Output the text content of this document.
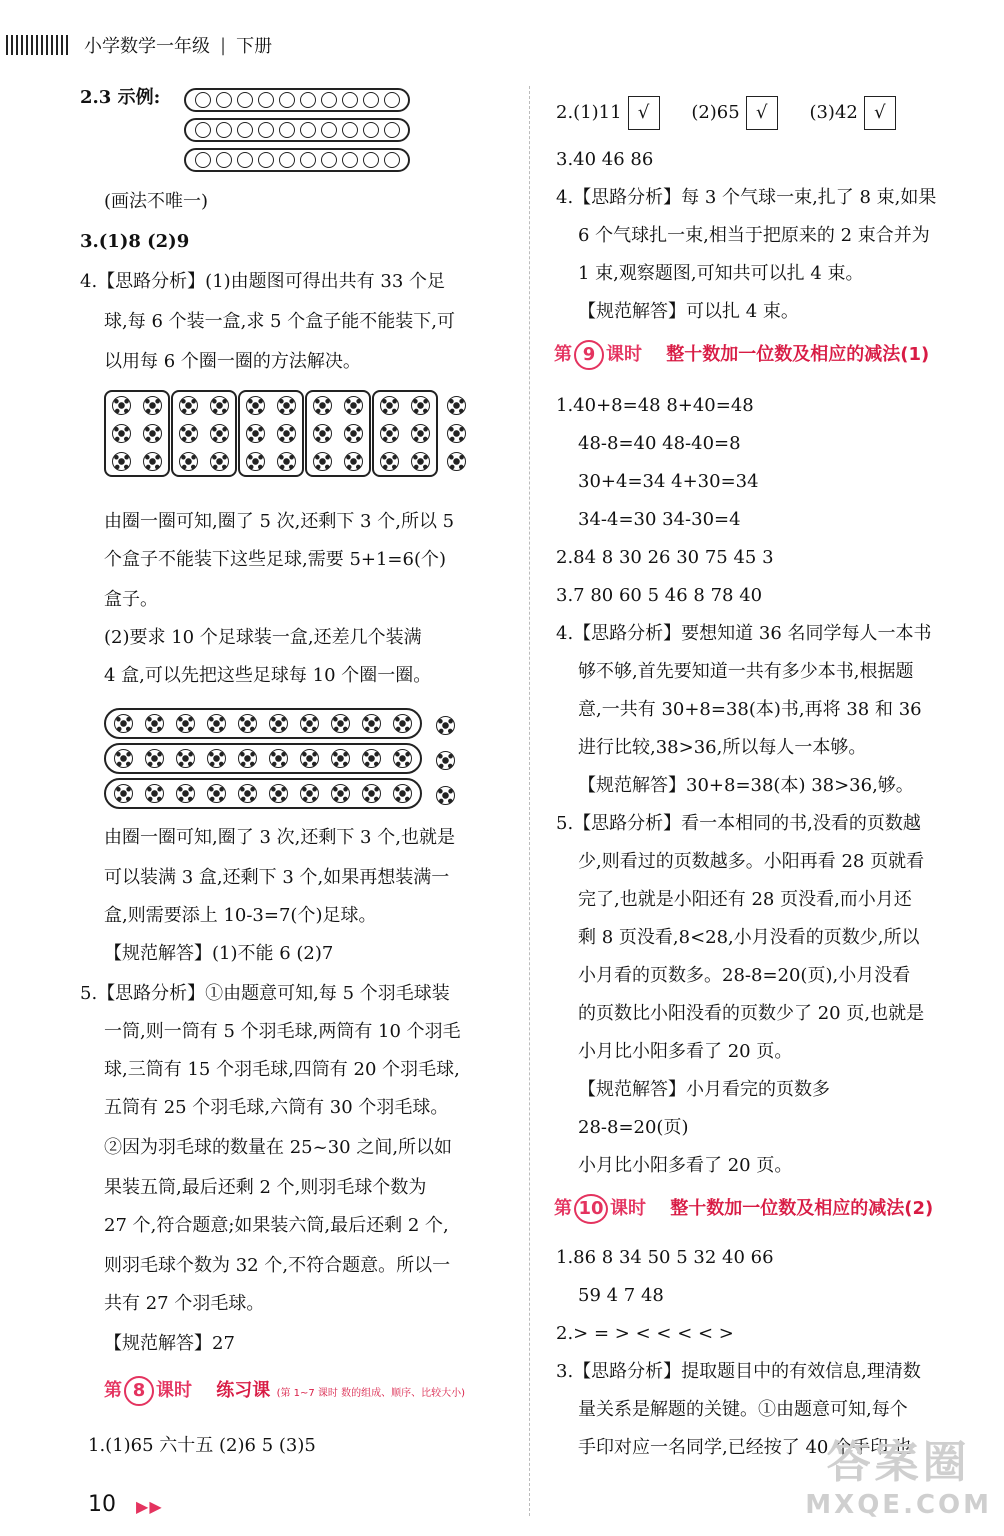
小学数学一年级 | 下册
2.3 示例:
(画法不唯一)
3.(1)8 (2)9
4.【思路分析】(1)由题图可得出共有 33 个足
球,每 6 个装一盒,求 5 个盒子能不能装下,可
以用每 6 个圈一圈的方法解决。
由圈一圈可知,圈了 5 次,还剩下 3 个,所以 5
个盒子不能装下这些足球,需要 5+1=6(个)
盒子。
(2)要求 10 个足球装一盒,还差几个装满
4 盒,可以先把这些足球每 10 个圈一圈。
由圈一圈可知,圈了 3 次,还剩下 3 个,也就是
可以装满 3 盒,还剩下 3 个,如果再想装满一
盒,则需要添上 10-3=7(个)足球。
【规范解答】(1)不能 6 (2)7
5.【思路分析】①由题意可知,每 5 个羽毛球装
一筒,则一筒有 5 个羽毛球,两筒有 10 个羽毛
球,三筒有 15 个羽毛球,四筒有 20 个羽毛球,
五筒有 25 个羽毛球,六筒有 30 个羽毛球。
②因为羽毛球的数量在 25~30 之间,所以如
果装五筒,最后还剩 2 个,则羽毛球个数为
27 个,符合题意;如果装六筒,最后还剩 2 个,
则羽毛球个数为 32 个,不符合题意。所以一
共有 27 个羽毛球。
【规范解答】27
第 8 课时 练习课 (第 1~7 课时 数的组成、顺序、比较大小)
1.(1)65 六十五 (2)6 5 (3)5
2.(1)11 √ (2)65 √ (3)42 √
3.40 46 86
4.【思路分析】每 3 个气球一束,扎了 8 束,如果
6 个气球扎一束,相当于把原来的 2 束合并为
1 束,观察题图,可知共可以扎 4 束。
【规范解答】可以扎 4 束。
第 9 课时 整十数加一位数及相应的减法(1)
1.40+8=48 8+40=48
48-8=40 48-40=8
30+4=34 4+30=34
34-4=30 34-30=4
2.84 8 30 26 30 75 45 3
3.7 80 60 5 46 8 78 40
4.【思路分析】要想知道 36 名同学每人一本书
够不够,首先要知道一共有多少本书,根据题
意,一共有 30+8=38(本)书,再将 38 和 36
进行比较,38>36,所以每人一本够。
【规范解答】30+8=38(本) 38>36,够。
5.【思路分析】看一本相同的书,没看的页数越
少,则看过的页数越多。小阳再看 28 页就看
完了,也就是小阳还有 28 页没看,而小月还
剩 8 页没看,8<28,小月没看的页数少,所以
小月看的页数多。28-8=20(页),小月没看
的页数比小阳没看的页数少了 20 页,也就是
小月比小阳多看了 20 页。
【规范解答】小月看完的页数多
28-8=20(页)
小月比小阳多看了 20 页。
第 10 课时 整十数加一位数及相应的减法(2)
1.86 8 34 50 5 32 40 66
59 4 7 48
2.> = > < < < < >
3.【思路分析】提取题目中的有效信息,理清数
量关系是解题的关键。①由题意可知,每个
手印对应一名同学,已经按了 40 个手印,也
10 ▶ ▶
答案圈
MXQE.COM
